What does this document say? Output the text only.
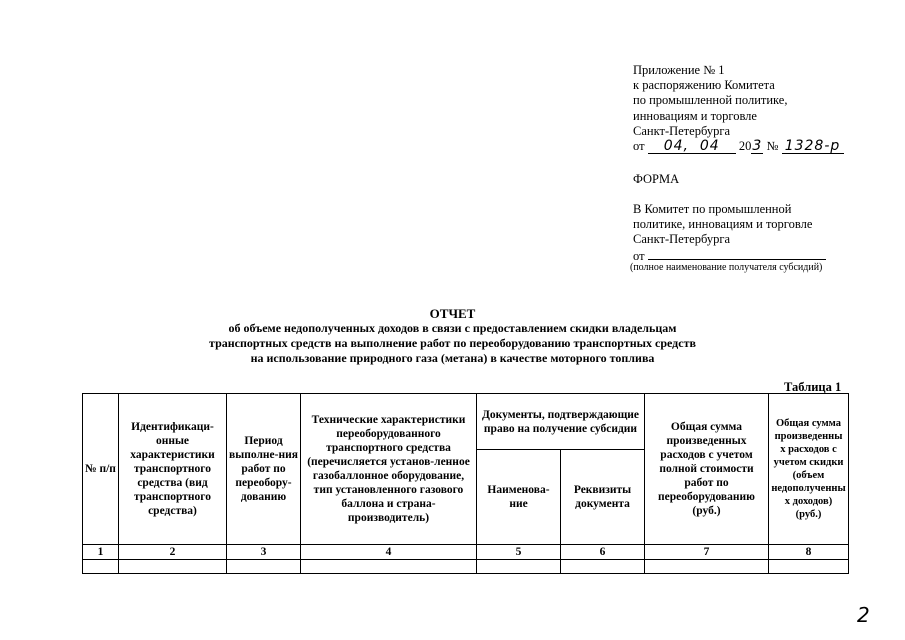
Приложение № 1
к распоряжению Комитета
по промышленной политике,
инновациям и торговле
Санкт-Петербурга
от 04, 04 203 № 1328-р
ФОРМА
В Комитет по промышленной
политике, инновациям и торговле
Санкт-Петербурга
от
(полное наименование получателя субсидий)
ОТЧЕТ
об объеме недополученных доходов в связи с предоставлением скидки владельцам
транспортных средств на выполнение работ по переоборудованию транспортных средств
на использование природного газа (метана) в качестве моторного топлива
Таблица 1
№ п/п	Идентификаци-онные характеристики транспортного средства (вид транспортного средства)	Период выполне-ния работ по переобору-дованию	Технические характеристики переоборудованного транспортного средства (перечисляется установ-ленное газобаллонное оборудование, тип установленного газового баллона и страна-производитель)	Документы, подтверждающие право на получение субсидии		Общая сумма произведенных расходов с учетом полной стоимости работ по переоборудованию (руб.)	Общая сумма произведенны х расходов с учетом скидки (объем недополученны х доходов) (руб.)
				Наименова-ние	Реквизиты документа		
1	2	3	4	5	6	7	8

2
